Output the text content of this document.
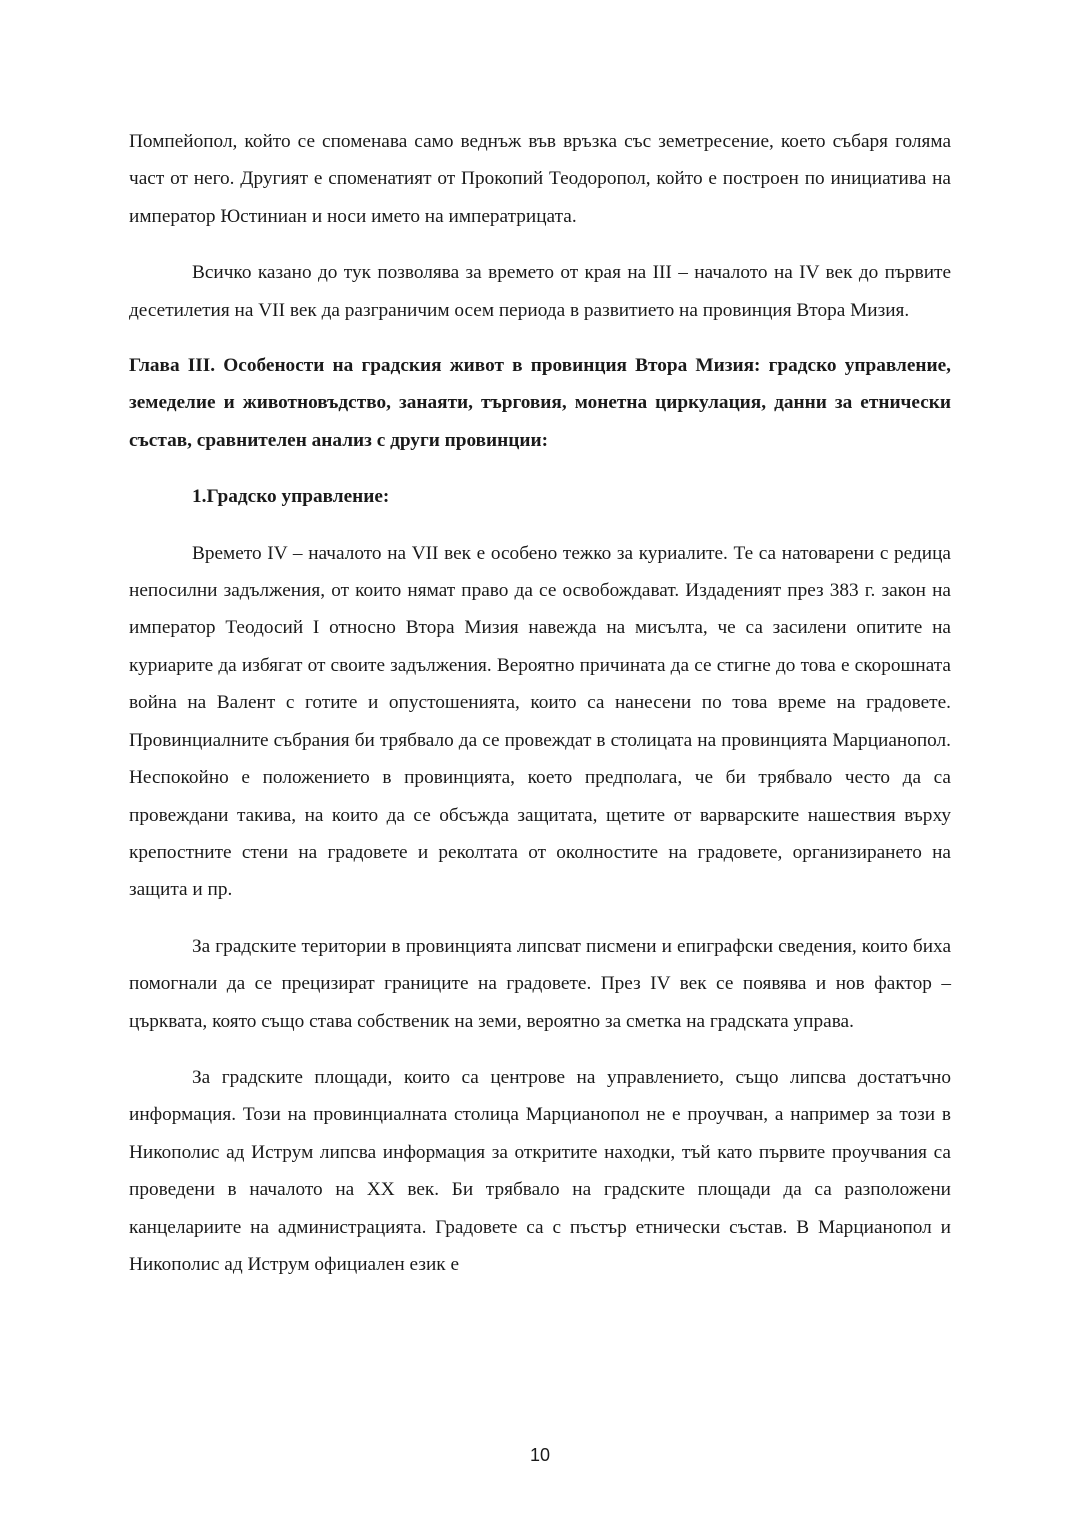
Помпейопол, който се споменава само веднъж във връзка със земетресение, което събаря голяма част от него. Другият е споменатият от Прокопий Теодоропол, който е построен по инициатива на император Юстиниан и носи името на императрицата.

Всичко казано до тук позволява за времето от края на III – началото на IV век до първите десетилетия на VII век да разграничим осем периода в развитието на провинция Втора Мизия.

Глава III. Особености на градския живот в провинция Втора Мизия: градско управление, земеделие и животновъдство, занаяти, търговия, монетна циркулация, данни за етнически състав, сравнителен анализ с други провинции:

1.Градско управление:

Времето IV – началото на VII век е особено тежко за куриалите. Те са натоварени с редица непосилни задължения, от които нямат право да се освобождават. Издаденият през 383 г. закон на император Теодосий I относно Втора Мизия навежда на мисълта, че са засилени опитите на куриарите да избягат от своите задължения. Вероятно причината да се стигне до това е скорошната война на Валент с готите и опустошенията, които са нанесени по това време на градовете. Провинциалните събрания би трябвало да се провеждат в столицата на провинцията Марцианопол. Неспокойно е положението в провинцията, което предполага, че би трябвало често да са провеждани такива, на които да се обсъжда защитата, щетите от варварските нашествия върху крепостните стени на градовете и реколтата от околностите на градовете, организирането на защита и пр.

За градските територии в провинцията липсват писмени и епиграфски сведения, които биха помогнали да се прецизират границите на градовете. През IV век се появява и нов фактор – църквата, която също става собственик на земи, вероятно за сметка на градската управа.

За градските площади, които са центрове на управлението, също липсва достатъчно информация. Този на провинциалната столица Марцианопол не е проучван, а например за този в Никополис ад Иструм липсва информация за откритите находки, тъй като първите проучвания са проведени в началото на XX век. Би трябвало на градските площади да са разположени канцелариите на администрацията. Градовете са с пъстър етнически състав. В Марцианопол и Никополис ад Иструм официален език е

10
